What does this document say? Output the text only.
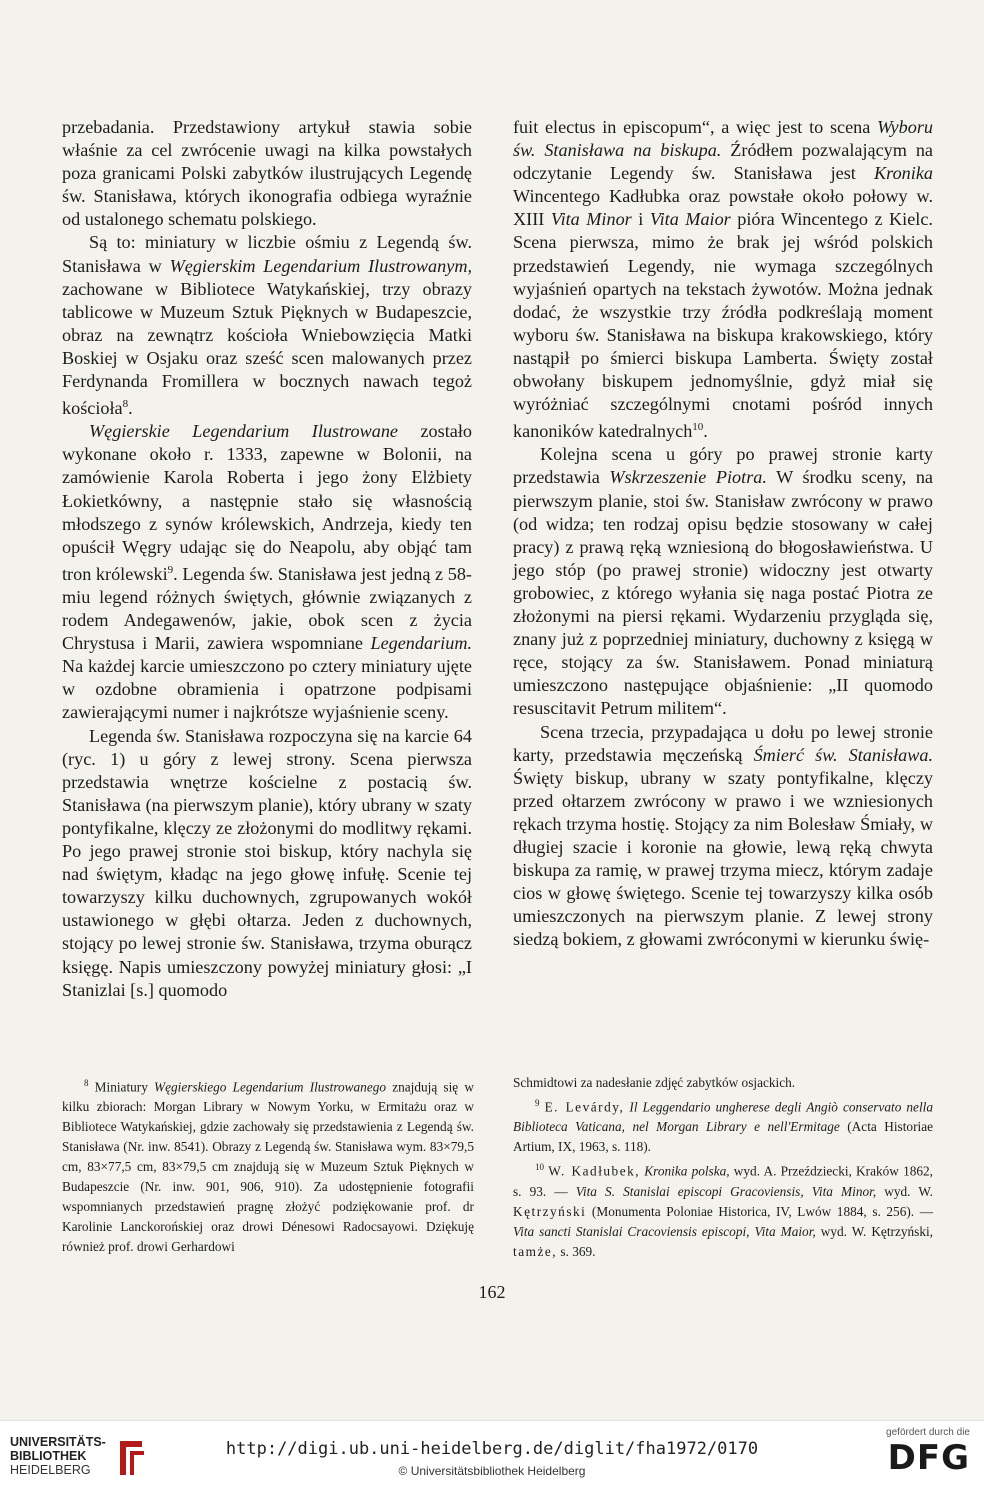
przebadania. Przedstawiony artykuł stawia sobie właśnie za cel zwrócenie uwagi na kilka powstałych poza granicami Polski zabytków ilustrujących Legendę św. Stanisława, których ikonografia odbiega wyraźnie od ustalonego schematu polskiego.

Są to: miniatury w liczbie ośmiu z Legendą św. Stanisława w Węgierskim Legendarium Ilustrowanym, zachowane w Bibliotece Watykańskiej, trzy obrazy tablicowe w Muzeum Sztuk Pięknych w Budapeszcie, obraz na zewnątrz kościoła Wniebowzięcia Matki Boskiej w Osjaku oraz sześć scen malowanych przez Ferdynanda Fromillera w bocznych nawach tegoż kościoła$^8$.

Węgierskie Legendarium Ilustrowane zostało wykonane około r. 1333, zapewne w Bolonii, na zamówienie Karola Roberta i jego żony Elżbiety Łokietkówny, a następnie stało się własnością młodszego z synów królewskich, Andrzeja, kiedy ten opuścił Węgry udając się do Neapolu, aby objąć tam tron królewski$^9$. Legenda św. Stanisława jest jedną z 58-miu legend różnych świętych, głównie związanych z rodem Andegawenów, jakie, obok scen z życia Chrystusa i Marii, zawiera wspomniane Legendarium. Na każdej karcie umieszczono po cztery miniatury ujęte w ozdobne obramienia i opatrzone podpisami zawierającymi numer i najkrótsze wyjaśnienie sceny.

Legenda św. Stanisława rozpoczyna się na karcie 64 (ryc. 1) u góry z lewej strony. Scena pierwsza przedstawia wnętrze kościelne z postacią św. Stanisława (na pierwszym planie), który ubrany w szaty pontyfikalne, klęczy ze złożonymi do modlitwy rękami. Po jego prawej stronie stoi biskup, który nachyla się nad świętym, kładąc na jego głowę infułę. Scenie tej towarzyszy kilku duchownych, zgrupowanych wokół ustawionego w głębi ołtarza. Jeden z duchownych, stojący po lewej stronie św. Stanisława, trzyma oburącz księgę. Napis umieszczony powyżej miniatury głosi: „I Stanizlai [s.] quomodo

fuit electus in episcopum“, a więc jest to scena Wyboru św. Stanisława na biskupa. Źródłem pozwalającym na odczytanie Legendy św. Stanisława jest Kronika Wincentego Kadłubka oraz powstałe około połowy w. XIII Vita Minor i Vita Maior pióra Wincentego z Kielc. Scena pierwsza, mimo że brak jej wśród polskich przedstawień Legendy, nie wymaga szczególnych wyjaśnień opartych na tekstach żywotów. Można jednak dodać, że wszystkie trzy źródła podkreślają moment wyboru św. Stanisława na biskupa krakowskiego, który nastąpił po śmierci biskupa Lamberta. Święty został obwołany biskupem jednomyślnie, gdyż miał się wyróżniać szczególnymi cnotami pośród innych kanoników katedralnych$^{10}$.

Kolejna scena u góry po prawej stronie karty przedstawia Wskrzeszenie Piotra. W środku sceny, na pierwszym planie, stoi św. Stanisław zwrócony w prawo (od widza; ten rodzaj opisu będzie stosowany w całej pracy) z prawą ręką wzniesioną do błogosławieństwa. U jego stóp (po prawej stronie) widoczny jest otwarty grobowiec, z którego wyłania się naga postać Piotra ze złożonymi na piersi rękami. Wydarzeniu przygląda się, znany już z poprzedniej miniatury, duchowny z księgą w ręce, stojący za św. Stanisławem. Ponad miniaturą umieszczono następujące objaśnienie: „II quomodo resuscitavit Petrum militem“.

Scena trzecia, przypadająca u dołu po lewej stronie karty, przedstawia męczeńską Śmierć św. Stanisława. Święty biskup, ubrany w szaty pontyfikalne, klęczy przed ołtarzem zwrócony w prawo i we wzniesionych rękach trzyma hostię. Stojący za nim Bolesław Śmiały, w długiej szacie i koronie na głowie, lewą ręką chwyta biskupa za ramię, w prawej trzyma miecz, którym zadaje cios w głowę świętego. Scenie tej towarzyszy kilka osób umieszczonych na pierwszym planie. Z lewej strony siedzą bokiem, z głowami zwróconymi w kierunku świę-

$^8$ Miniatury Węgierskiego Legendarium Ilustrowanego znajdują się w kilku zbiorach: Morgan Library w Nowym Yorku, w Ermitażu oraz w Bibliotece Watykańskiej, gdzie zachowały się przedstawienia z Legendą św. Stanisława (Nr. inw. 8541). Obrazy z Legendą św. Stanisława wym. 83×79,5 cm, 83×77,5 cm, 83×79,5 cm znajdują się w Muzeum Sztuk Pięknych w Budapeszcie (Nr. inw. 901, 906, 910). Za udostępnienie fotografii wspomnianych przedstawień pragnę złożyć podziękowanie prof. dr Karolinie Lanckorońskiej oraz drowi Dénesowi Radocsayowi. Dziękuję również prof. drowi Gerhardowi

Schmidtowi za nadesłanie zdjęć zabytków osjackich.

$^9$ E. Levárdy, Il Leggendario ungherese degli Angiò conservato nella Biblioteca Vaticana, nel Morgan Library e nell'Ermitage (Acta Historiae Artium, IX, 1963, s. 118).

$^{10}$ W. Kadłubek, Kronika polska, wyd. A. Przeździecki, Kraków 1862, s. 93. — Vita S. Stanislai episcopi Gracoviensis, Vita Minor, wyd. W. Kętrzyński (Monumenta Poloniae Historica, IV, Lwów 1884, s. 256). — Vita sancti Stanislai Cracoviensis episcopi, Vita Maior, wyd. W. Kętrzyński, tamże, s. 369.

162
UNIVERSITÄTS-
BIBLIOTHEK
HEIDELBERG
http://digi.ub.uni-heidelberg.de/diglit/fha1972/0170
© Universitätsbibliothek Heidelberg
gefördert durch die
DFG
